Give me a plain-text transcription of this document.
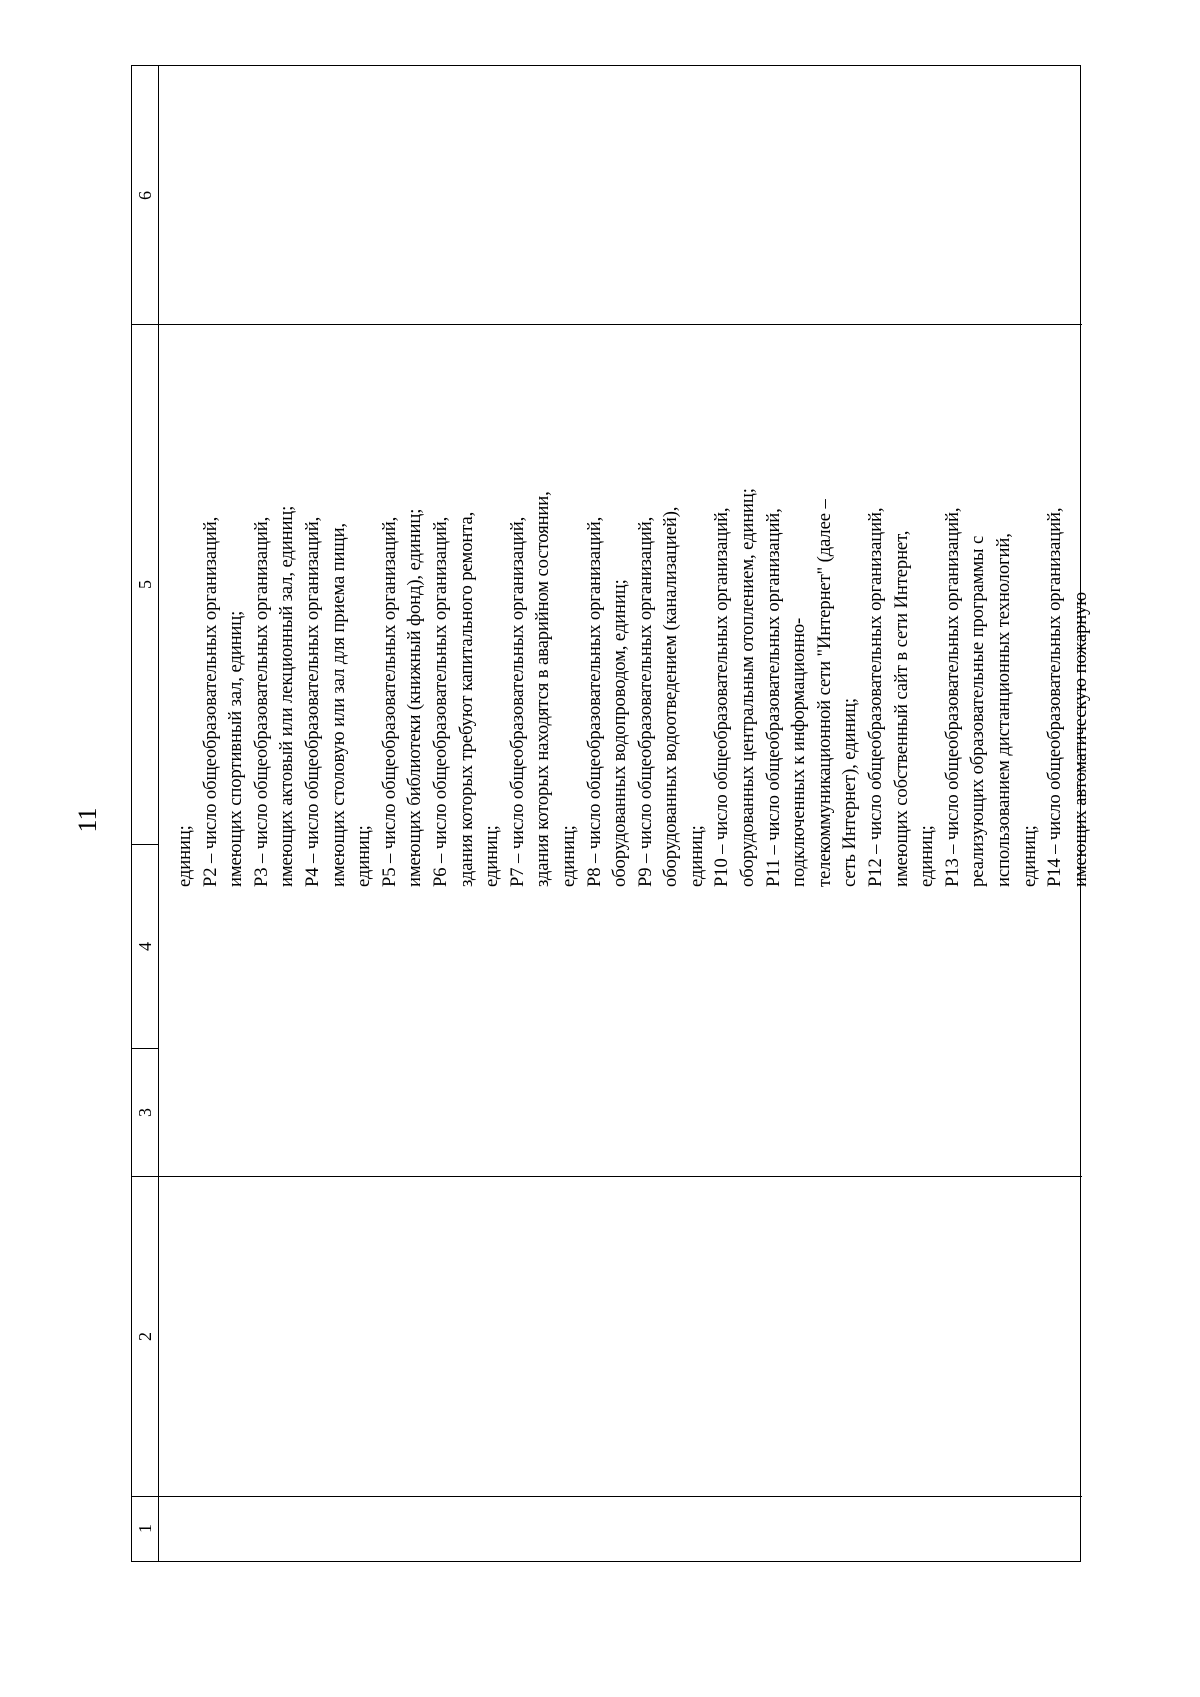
11
6
5
4
3
2
1

единиц; Р2 – число общеобразовательных организаций, имеющих спортивный зал, единиц; Р3 – число общеобразовательных организаций, имеющих актовый или лекционный зал, единиц; Р4 – число общеобразовательных организаций, имеющих столовую или зал для приема пищи, единиц; Р5 – число общеобразовательных организаций, имеющих библиотеки (книжный фонд), единиц; Р6 – число общеобразовательных организаций, здания которых требуют капитального ремонта, единиц; Р7 – число общеобразовательных организаций, здания которых находятся в аварийном состоянии, единиц; Р8 – число общеобразовательных организаций, оборудованных водопроводом, единиц; Р9 – число общеобразовательных организаций, оборудованных водоотведением (канализацией), единиц; Р10 – число общеобразовательных организаций, оборудованных центральным отоплением, единиц; Р11 – число общеобразовательных организаций, подключенных к информационно- телекоммуникационной сети "Интернет" (далее – сеть Интернет), единиц; Р12 – число общеобразовательных организаций, имеющих собственный сайт в сети Интернет, единиц; Р13 – число общеобразовательных организаций, реализующих образовательные программы с использованием дистанционных технологий, единиц; Р14 – число общеобразовательных организаций, имеющих автоматическую пожарную
